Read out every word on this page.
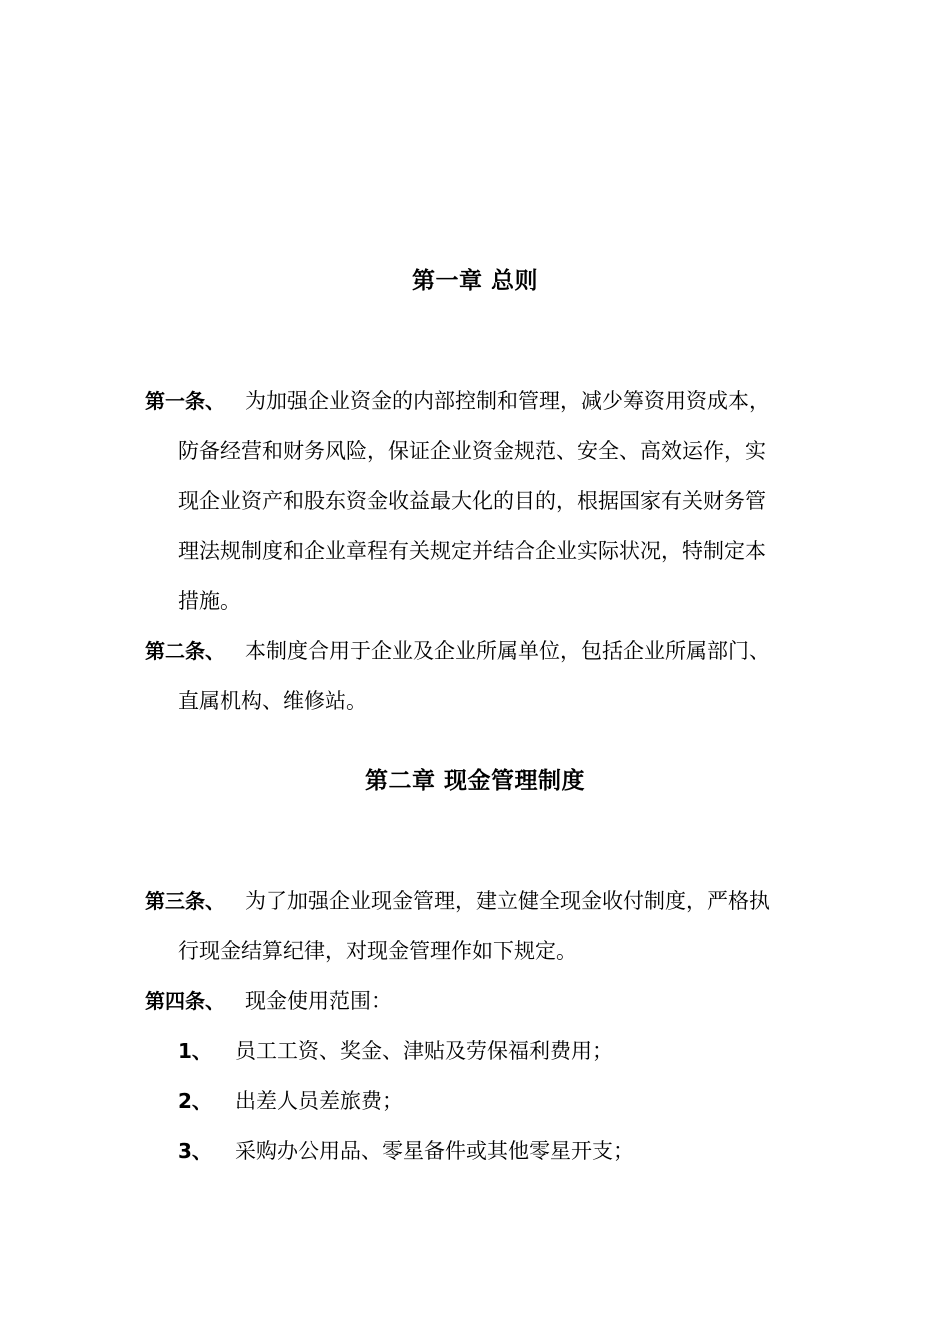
第一章 总则
第一条、 为加强企业资金的内部控制和管理，减少筹资用资成本，
防备经营和财务风险，保证企业资金规范、安全、高效运作，实
现企业资产和股东资金收益最大化的目的，根据国家有关财务管
理法规制度和企业章程有关规定并结合企业实际状况，特制定本
措施。
第二条、 本制度合用于企业及企业所属单位，包括企业所属部门、
直属机构、维修站。
第二章 现金管理制度
第三条、 为了加强企业现金管理，建立健全现金收付制度，严格执
行现金结算纪律，对现金管理作如下规定。
第四条、 现金使用范围：
1、 员工工资、奖金、津贴及劳保福利费用；
2、 出差人员差旅费；
3、 采购办公用品、零星备件或其他零星开支；
